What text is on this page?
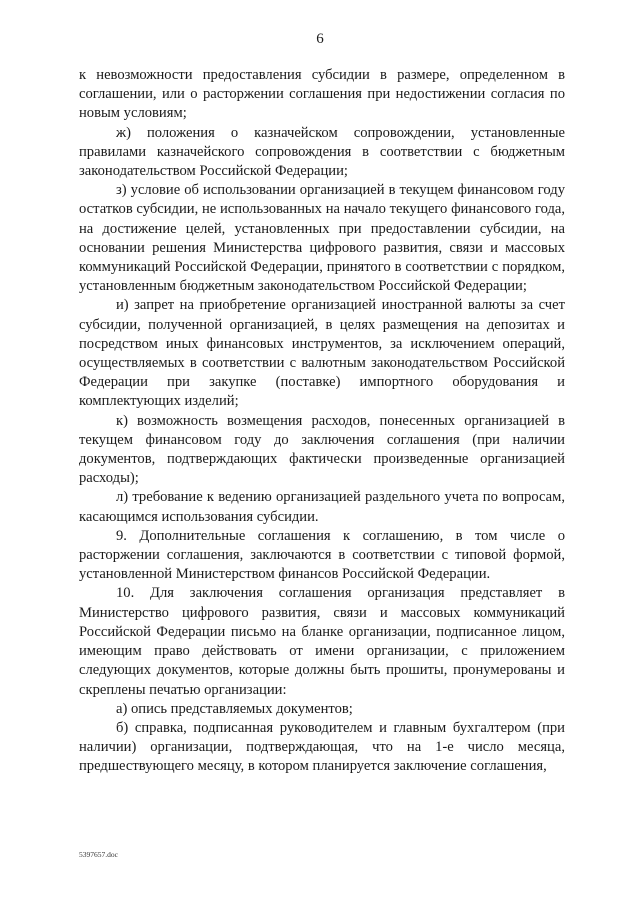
6

к невозможности предоставления субсидии в размере, определенном в соглашении, или о расторжении соглашения при недостижении согласия по новым условиям;

ж) положения о казначейском сопровождении, установленные правилами казначейского сопровождения в соответствии с бюджетным законодательством Российской Федерации;

з) условие об использовании организацией в текущем финансовом году остатков субсидии, не использованных на начало текущего финансового года, на достижение целей, установленных при предоставлении субсидии, на основании решения Министерства цифрового развития, связи и массовых коммуникаций Российской Федерации, принятого в соответствии с порядком, установленным бюджетным законодательством Российской Федерации;

и) запрет на приобретение организацией иностранной валюты за счет субсидии, полученной организацией, в целях размещения на депозитах и посредством иных финансовых инструментов, за исключением операций, осуществляемых в соответствии с валютным законодательством Российской Федерации при закупке (поставке) импортного оборудования и комплектующих изделий;

к) возможность возмещения расходов, понесенных организацией в текущем финансовом году до заключения соглашения (при наличии документов, подтверждающих фактически произведенные организацией расходы);

л) требование к ведению организацией раздельного учета по вопросам, касающимся использования субсидии.

9. Дополнительные соглашения к соглашению, в том числе о расторжении соглашения, заключаются в соответствии с типовой формой, установленной Министерством финансов Российской Федерации.

10. Для заключения соглашения организация представляет в Министерство цифрового развития, связи и массовых коммуникаций Российской Федерации письмо на бланке организации, подписанное лицом, имеющим право действовать от имени организации, с приложением следующих документов, которые должны быть прошиты, пронумерованы и скреплены печатью организации:

а) опись представляемых документов;

б) справка, подписанная руководителем и главным бухгалтером (при наличии) организации, подтверждающая, что на 1-е число месяца, предшествующего месяцу, в котором планируется заключение соглашения,

5397657.doc
